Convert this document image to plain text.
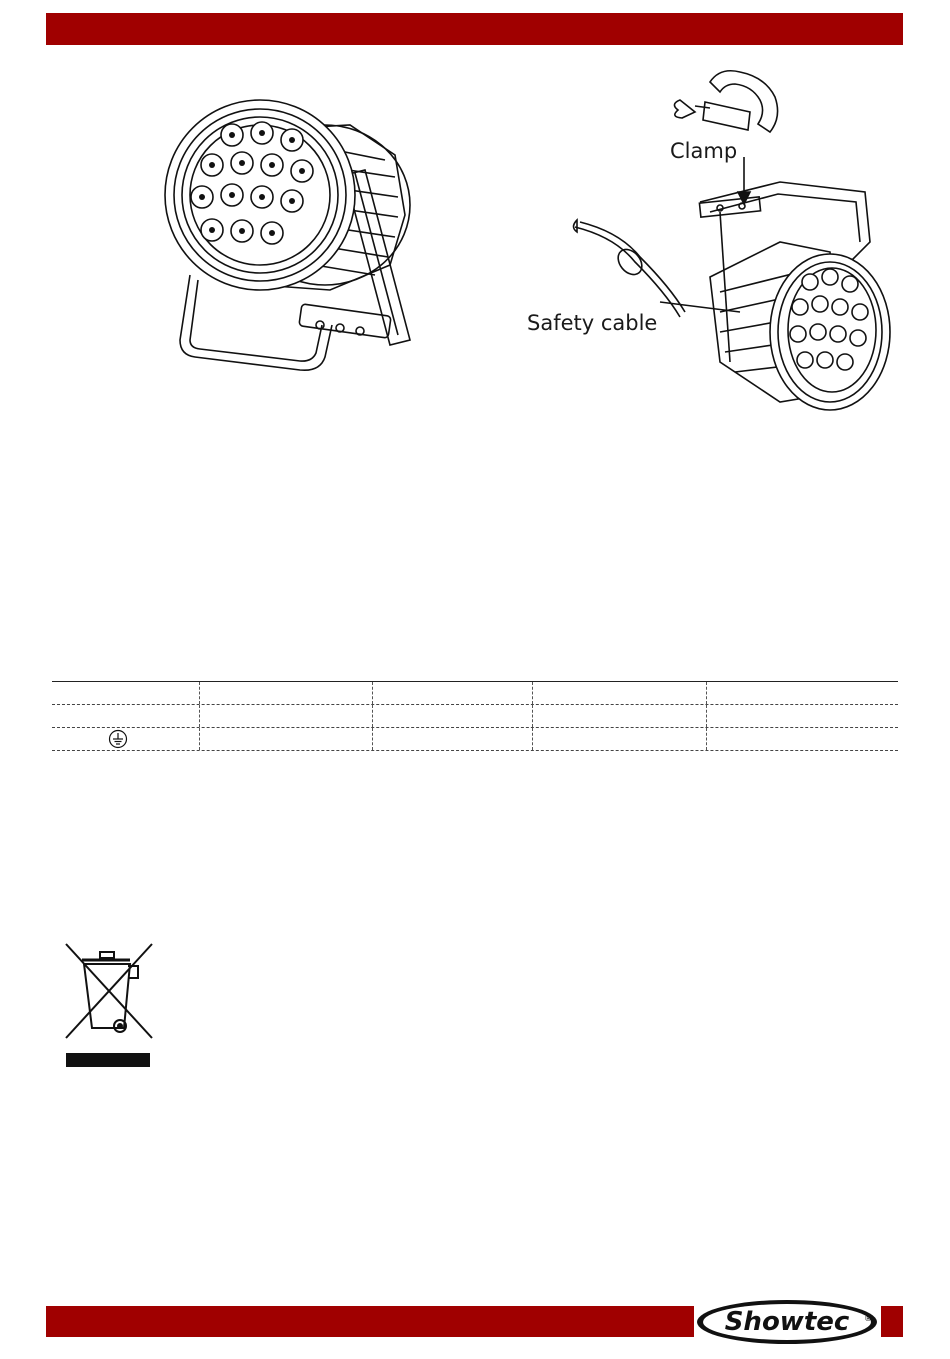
Clamp
Safety cable
Showtec ®
